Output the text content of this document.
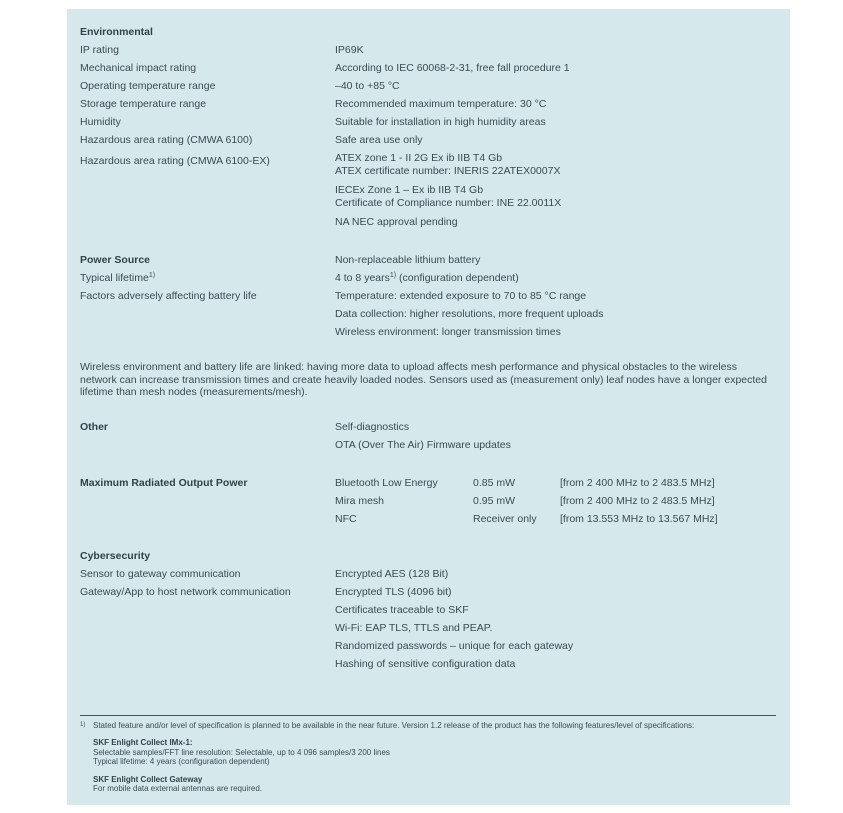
Environmental
IP rating	IP69K
Mechanical impact rating	According to IEC 60068-2-31, free fall procedure 1
Operating temperature range	–40 to +85 °C
Storage temperature range	Recommended maximum temperature: 30 °C
Humidity	Suitable for installation in high humidity areas
Hazardous area rating (CMWA 6100)	Safe area use only
Hazardous area rating (CMWA 6100-EX)	ATEX zone 1 - II 2G Ex ib IIB T4 Gb
ATEX certificate number: INERIS 22ATEX0007X
IECEx Zone 1 – Ex ib IIB T4 Gb
Certificate of Compliance number: INE 22.0011X
NA NEC approval pending
Power Source	Non-replaceable lithium battery
Typical lifetime$^{1)}$	4 to 8 years$^{1)}$ (configuration dependent)
Factors adversely affecting battery life	Temperature: extended exposure to 70 to 85 °C range
Data collection: higher resolutions, more frequent uploads
Wireless environment: longer transmission times
Wireless environment and battery life are linked: having more data to upload affects mesh performance and physical obstacles to the wireless network can increase transmission times and create heavily loaded nodes. Sensors used as (measurement only) leaf nodes have a longer expected lifetime than mesh nodes (measurements/mesh).
Other	Self-diagnostics
OTA (Over The Air) Firmware updates
Maximum Radiated Output Power	Bluetooth Low Energy	0.85 mW	[from 2 400 MHz to 2 483.5 MHz]
Mira mesh	0.95 mW	[from 2 400 MHz to 2 483.5 MHz]
NFC	Receiver only	[from 13.553 MHz to 13.567 MHz]
Cybersecurity
Sensor to gateway communication	Encrypted AES (128 Bit)
Gateway/App to host network communication	Encrypted TLS (4096 bit)
Certificates traceable to SKF
Wi-Fi: EAP TLS, TTLS and PEAP.
Randomized passwords – unique for each gateway
Hashing of sensitive configuration data
$^{1)}$ Stated feature and/or level of specification is planned to be available in the near future. Version 1.2 release of the product has the following features/level of specifications:
SKF Enlight Collect IMx-1:
Selectable samples/FFT line resolution: Selectable, up to 4 096 samples/3 200 lines
Typical lifetime: 4 years (configuration dependent)
SKF Enlight Collect Gateway
For mobile data external antennas are required.
